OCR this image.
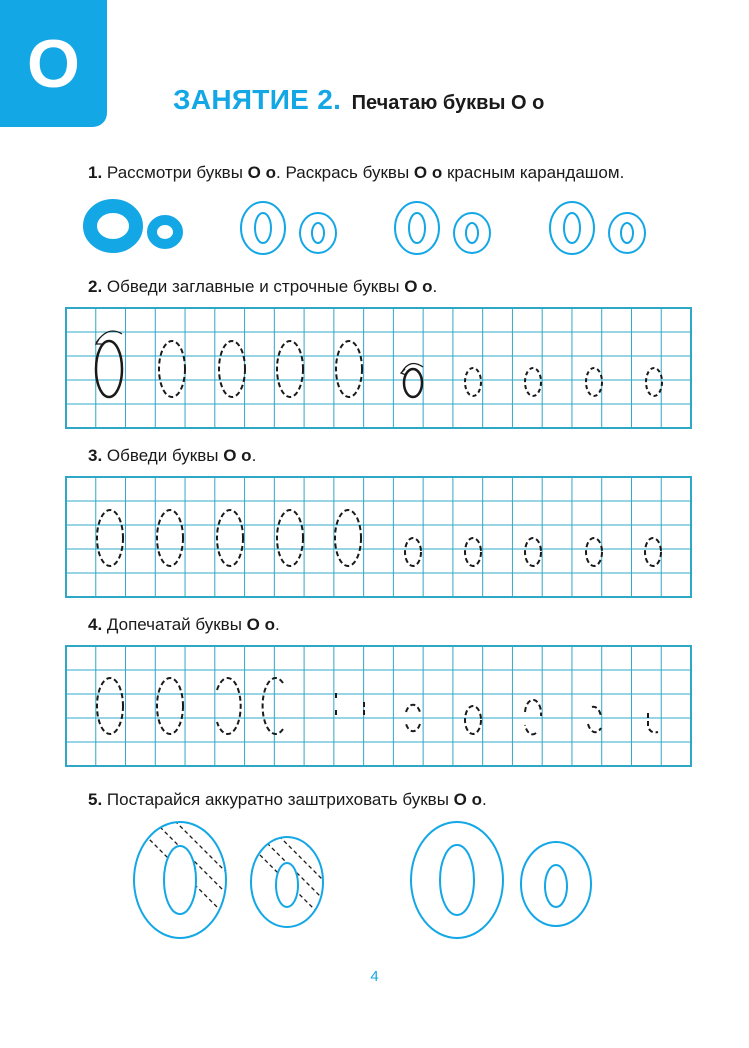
О	ЗАНЯТИЕ 2. Печатаю буквы О о
1. Рассмотри буквы О о. Раскрась буквы О о красным карандашом.
2. Обведи заглавные и строчные буквы О о.
3. Обведи буквы О о.
4. Допечатай буквы О о.
5. Постарайся аккуратно заштриховать буквы О о.
4
